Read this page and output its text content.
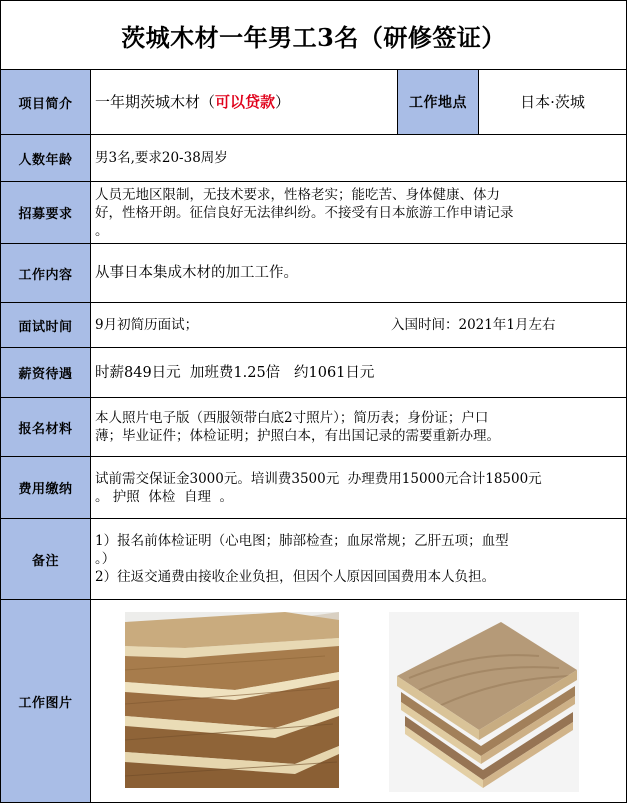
茨城木材一年男工3名（研修签证）
项目简介 一年期茨城木材（ 可以贷款 ）	工作地点	日本·茨城
人数年龄 男3名,要求20-38周岁
招募要求
人员无地区限制，无技术要求，性格老实；能吃苦、身体健康、体力
好，性格开朗。征信良好无法律纠纷。不接受有日本旅游工作申请记录
。
工作内容 从事日本集成木材的加工工作。
面试时间 9月初简历面试；	入国时间：2021年1月左右
薪资待遇 时薪849日元  加班费1.25倍   约1061日元
报名材料
本人照片电子版（西服领带白底2寸照片）；简历表；身份证；户口
薄；毕业证件；体检证明；护照白本，有出国记录的需要重新办理。
费用缴纳
试前需交保证金3000元。培训费3500元  办理费用15000元合计18500元
。 护照  体检  自理  。
备注
1）报名前体检证明（心电图；肺部检查；血尿常规；乙肝五项；血型
。）
2）往返交通费由接收企业负担，但因个人原因回国费用本人负担。
工作图片
